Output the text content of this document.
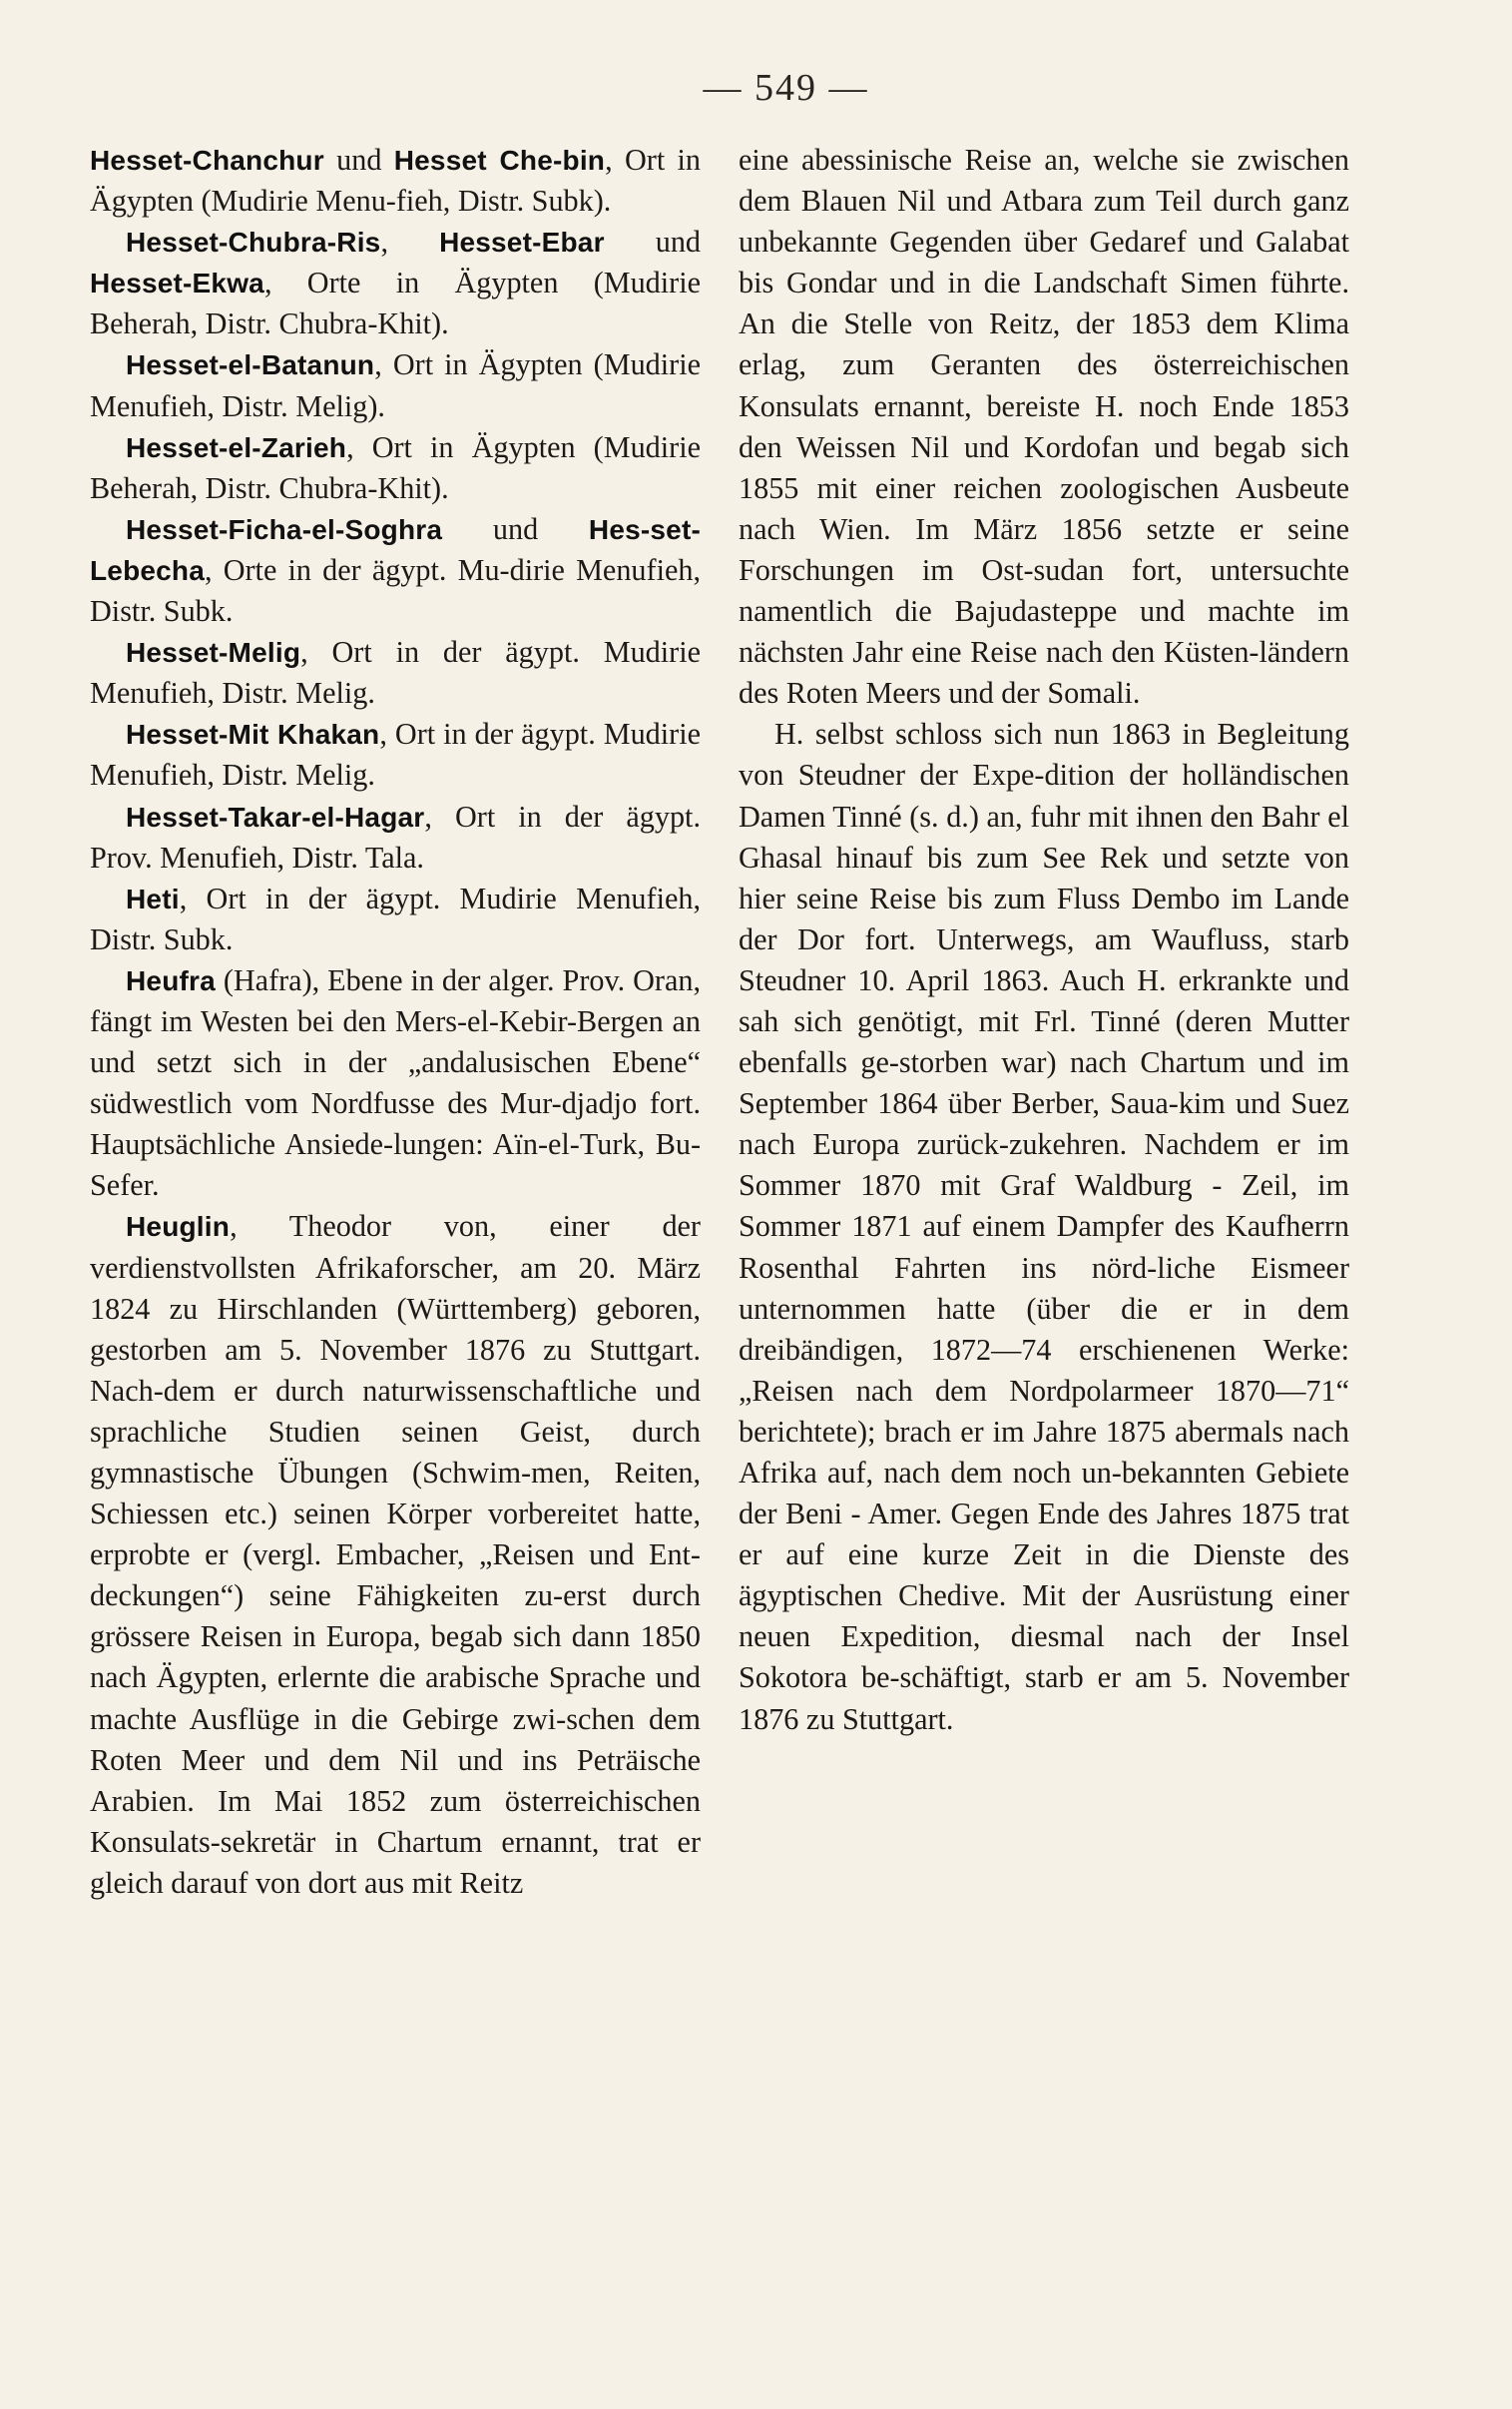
— 549 —

Hesset-Chanchur und Hesset Che-bin, Ort in Ägypten (Mudirie Menu-fieh, Distr. Subk).

Hesset-Chubra-Ris, Hesset-Ebar und Hesset-Ekwa, Orte in Ägypten (Mudirie Beherah, Distr. Chubra-Khit).

Hesset-el-Batanun, Ort in Ägypten (Mudirie Menufieh, Distr. Melig).

Hesset-el-Zarieh, Ort in Ägypten (Mudirie Beherah, Distr. Chubra-Khit).

Hesset-Ficha-el-Soghra und Hes-set-Lebecha, Orte in der ägypt. Mu-dirie Menufieh, Distr. Subk.

Hesset-Melig, Ort in der ägypt. Mudirie Menufieh, Distr. Melig.

Hesset-Mit Khakan, Ort in der ägypt. Mudirie Menufieh, Distr. Melig.

Hesset-Takar-el-Hagar, Ort in der ägypt. Prov. Menufieh, Distr. Tala.

Heti, Ort in der ägypt. Mudirie Menufieh, Distr. Subk.

Heufra (Hafra), Ebene in der alger. Prov. Oran, fängt im Westen bei den Mers-el-Kebir-Bergen an und setzt sich in der „andalusischen Ebene“ südwestlich vom Nordfusse des Mur-djadjo fort. Hauptsächliche Ansiede-lungen: Aïn-el-Turk, Bu-Sefer.

Heuglin, Theodor von, einer der verdienstvollsten Afrikaforscher, am 20. März 1824 zu Hirschlanden (Württemberg) geboren, gestorben am 5. November 1876 zu Stuttgart. Nach-dem er durch naturwissenschaftliche und sprachliche Studien seinen Geist, durch gymnastische Übungen (Schwim-men, Reiten, Schiessen etc.) seinen Körper vorbereitet hatte, erprobte er (vergl. Embacher, „Reisen und Ent-deckungen“) seine Fähigkeiten zu-erst durch grössere Reisen in Europa, begab sich dann 1850 nach Ägypten, erlernte die arabische Sprache und machte Ausflüge in die Gebirge zwi-schen dem Roten Meer und dem Nil und ins Peträische Arabien. Im Mai 1852 zum österreichischen Konsulats-sekretär in Chartum ernannt, trat er gleich darauf von dort aus mit Reitz

eine abessinische Reise an, welche sie zwischen dem Blauen Nil und Atbara zum Teil durch ganz unbekannte Gegenden über Gedaref und Galabat bis Gondar und in die Landschaft Simen führte. An die Stelle von Reitz, der 1853 dem Klima erlag, zum Geranten des österreichischen Konsulats ernannt, bereiste H. noch Ende 1853 den Weissen Nil und Kordofan und begab sich 1855 mit einer reichen zoologischen Ausbeute nach Wien. Im März 1856 setzte er seine Forschungen im Ost-sudan fort, untersuchte namentlich die Bajudasteppe und machte im nächsten Jahr eine Reise nach den Küsten-ländern des Roten Meers und der Somali.

H. selbst schloss sich nun 1863 in Begleitung von Steudner der Expe-dition der holländischen Damen Tinné (s. d.) an, fuhr mit ihnen den Bahr el Ghasal hinauf bis zum See Rek und setzte von hier seine Reise bis zum Fluss Dembo im Lande der Dor fort. Unterwegs, am Waufluss, starb Steudner 10. April 1863. Auch H. erkrankte und sah sich genötigt, mit Frl. Tinné (deren Mutter ebenfalls ge-storben war) nach Chartum und im September 1864 über Berber, Saua-kim und Suez nach Europa zurück-zukehren. Nachdem er im Sommer 1870 mit Graf Waldburg - Zeil, im Sommer 1871 auf einem Dampfer des Kaufherrn Rosenthal Fahrten ins nörd-liche Eismeer unternommen hatte (über die er in dem dreibändigen, 1872—74 erschienenen Werke: „Reisen nach dem Nordpolarmeer 1870—71“ berichtete); brach er im Jahre 1875 abermals nach Afrika auf, nach dem noch un-bekannten Gebiete der Beni - Amer. Gegen Ende des Jahres 1875 trat er auf eine kurze Zeit in die Dienste des ägyptischen Chedive. Mit der Ausrüstung einer neuen Expedition, diesmal nach der Insel Sokotora be-schäftigt, starb er am 5. November 1876 zu Stuttgart.
